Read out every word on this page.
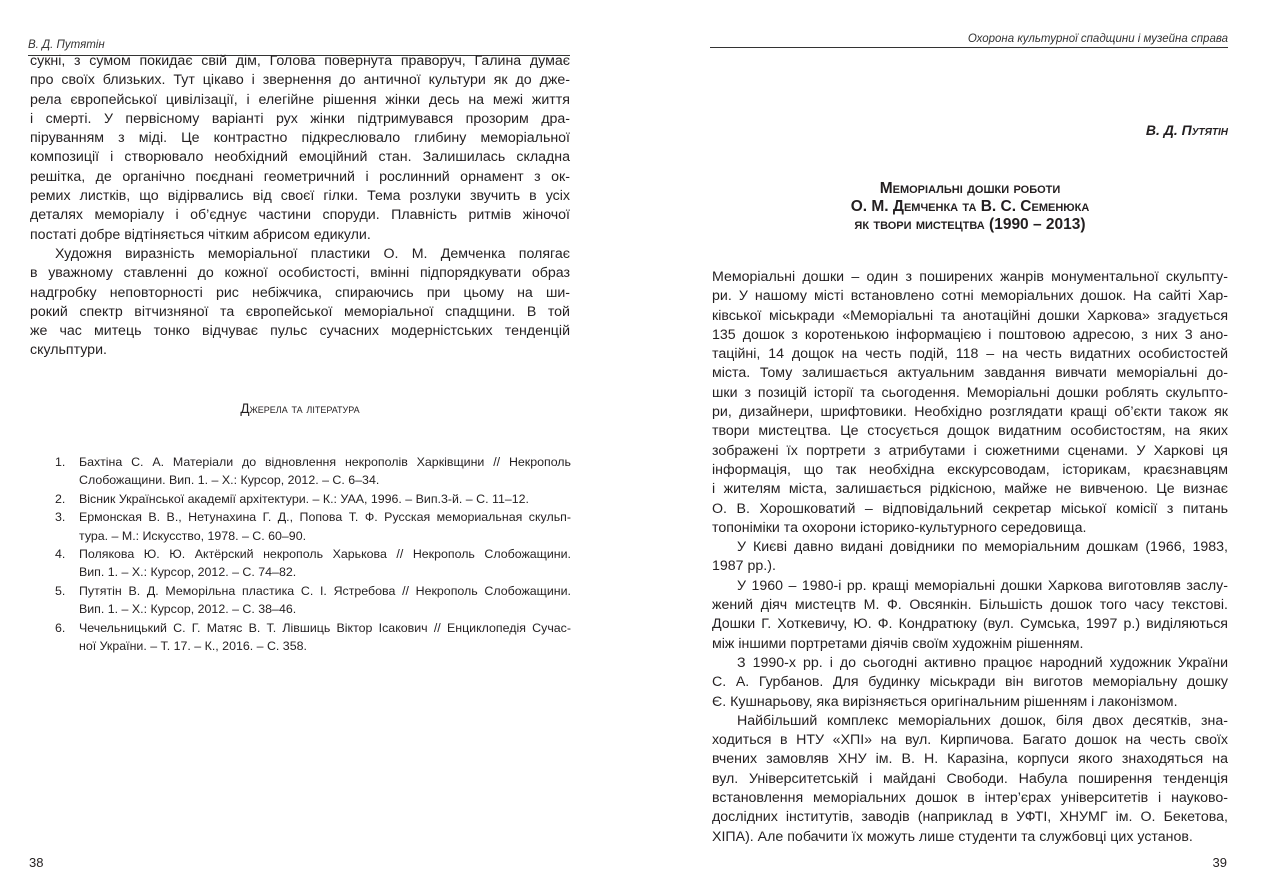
В. Д. Путятін
сукні, з сумом покидає свій дім, Голова повернута праворуч, Галина думає
про своїх близьких. Тут цікаво і звернення до античної культури як до дже-
рела європейської цивілізації, і елегійне рішення жінки десь на межі життя
і смерті. У первісному варіанті рух жінки підтримувався прозорим дра-
піруванням з міді. Це контрастно підкреслювало глибину меморіальної
композиції і створювало необхідний емоційний стан. Залишилась складна
решітка, де органічно поєднані геометричний і рослинний орнамент з ок-
ремих листків, що відірвались від своєї гілки. Тема розлуки звучить в усіх
деталях меморіалу і об’єднує частини споруди. Плавність ритмів жіночої
постаті добре відтіняється чітким абрисом едикули.
Художня виразність меморіальної пластики О. М. Демченка полягає
в уважному ставленні до кожної особистості, вмінні підпорядкувати образ
надгробку неповторності рис небіжчика, спираючись при цьому на ши-
рокий спектр вітчизняної та європейської меморіальної спадщини. В той
же час митець тонко відчуває пульс сучасних модерністських тенденцій
скульптури.
Джерела та література
1. Бахтіна С. А. Матеріали до відновлення некрополів Харківщини // Некрополь
Слобожащини. Вип. 1. – Х.: Курсор, 2012. – С. 6–34.
2. Вісник Української академії архітектури. – К.: УАА, 1996. – Вип.3-й. – С. 11–12.
3. Ермонская В. В., Нетунахина Г. Д., Попова Т. Ф. Русская мемориальная скульп-
тура. – М.: Искусство, 1978. – С. 60–90.
4. Полякова Ю. Ю. Актёрский некрополь Харькова // Некрополь Слобожащини.
Вип. 1. – Х.: Курсор, 2012. – С. 74–82.
5. Путятін В. Д. Меморільна пластика С. І. Ястребова // Некрополь Слобожащини.
Вип. 1. – Х.: Курсор, 2012. – С. 38–46.
6. Чечельницький С. Г. Матяс В. Т. Лівшиць Віктор Ісакович // Енциклопедія Сучас-
ної України. – Т. 17. – К., 2016. – С. 358.
38
Охорона культурної спадщини і музейна справа
В. Д. Путятін
Меморіальні дошки роботи
О. М. Демченка та В. С. Семенюка
як твори мистецтва (1990 – 2013)
Меморіальні дошки – один з поширених жанрів монументальної скульпту-
ри. У нашому місті встановлено сотні меморіальних дошок. На сайті Хар-
ківської міськради «Меморіальні та анотаційні дошки Харкова» згадується
135 дошок з коротенькою інформацією і поштовою адресою, з них 3 ано-
таційні, 14 дощок на честь подій, 118 – на честь видатних особистостей
міста. Тому залишається актуальним завдання вивчати меморіальні до-
шки з позицій історії та сьогодення. Меморіальні дошки роблять скульпто-
ри, дизайнери, шрифтовики. Необхідно розглядати кращі об’єкти також як
твори мистецтва. Це стосується дощок видатним особистостям, на яких
зображені їх портрети з атрибутами і сюжетними сценами. У Харкові ця
інформація, що так необхідна екскурсоводам, історикам, краєзнавцям
і жителям міста, залишається рідкісною, майже не вивченою. Це визнає
О. В. Хорошковатий – відповідальний секретар міської комісії з питань
топоніміки та охорони історико-культурного середовища.
У Києві давно видані довідники по меморіальним дошкам (1966, 1983,
1987 рр.).
У 1960 – 1980-і рр. кращі меморіальні дошки Харкова виготовляв заслу-
жений діяч мистецтв М. Ф. Овсянкін. Більшість дошок того часу текстові.
Дошки Г. Хоткевичу, Ю. Ф. Кондратюку (вул. Сумська, 1997 р.) виділяються
між іншими портретами діячів своїм художнім рішенням.
З 1990-х рр. і до сьогодні активно працює народний художник України
С. А. Гурбанов. Для будинку міськради він виготов меморіальну дошку
Є. Кушнарьову, яка вирізняється оригінальним рішенням і лаконізмом.
Найбільший комплекс меморіальних дошок, біля двох десятків, зна-
ходиться в НТУ «ХПІ» на вул. Кирпичова. Багато дошок на честь своїх
вчених замовляв ХНУ ім. В. Н. Каразіна, корпуси якого знаходяться на
вул. Університетській і майдані Свободи. Набула поширення тенденція
встановлення меморіальних дошок в інтер’єрах університетів і науково-
дослідних інститутів, заводів (наприклад в УФТІ, ХНУМГ ім. О. Бекетова,
ХІПА). Але побачити їх можуть лише студенти та службовці цих установ.
39
